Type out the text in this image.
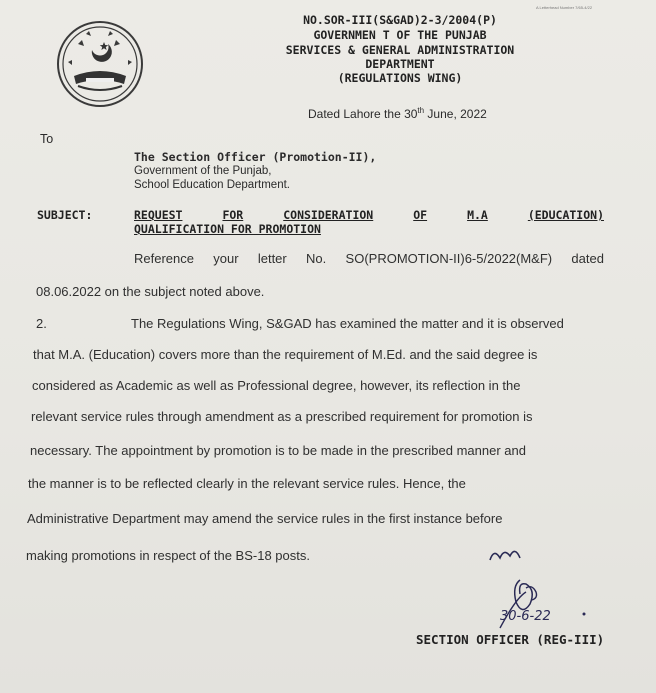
A Letterhead Number 7/65-4/22
NO.SOR-III(S&GAD)2-3/2004(P)
GOVERNMEN T OF THE PUNJAB
SERVICES & GENERAL ADMINISTRATION
DEPARTMENT
(REGULATIONS WING)
Dated Lahore the 30th June, 2022
To
The Section Officer (Promotion-II),
Government of the Punjab,
School Education Department.
SUBJECT:	REQUEST	FOR	CONSIDERATION	OF	M.A	(EDUCATION)
QUALIFICATION FOR PROMOTION
Reference your letter No. SO(PROMOTION-II)6-5/2022(M&F) dated
08.06.2022 on the subject noted above.
2.	The Regulations Wing, S&GAD has examined the matter and it is observed
that M.A. (Education) covers more than the requirement of M.Ed. and the said degree is
considered as Academic as well as Professional degree, however, its reflection in the
relevant service rules through amendment as a prescribed requirement for promotion is
necessary. The appointment by promotion is to be made in the prescribed manner and
the manner is to be reflected clearly in the relevant service rules. Hence, the
Administrative Department may amend the service rules in the first instance before
making promotions in respect of the BS-18 posts.
30-6-22
SECTION OFFICER (REG-III)
